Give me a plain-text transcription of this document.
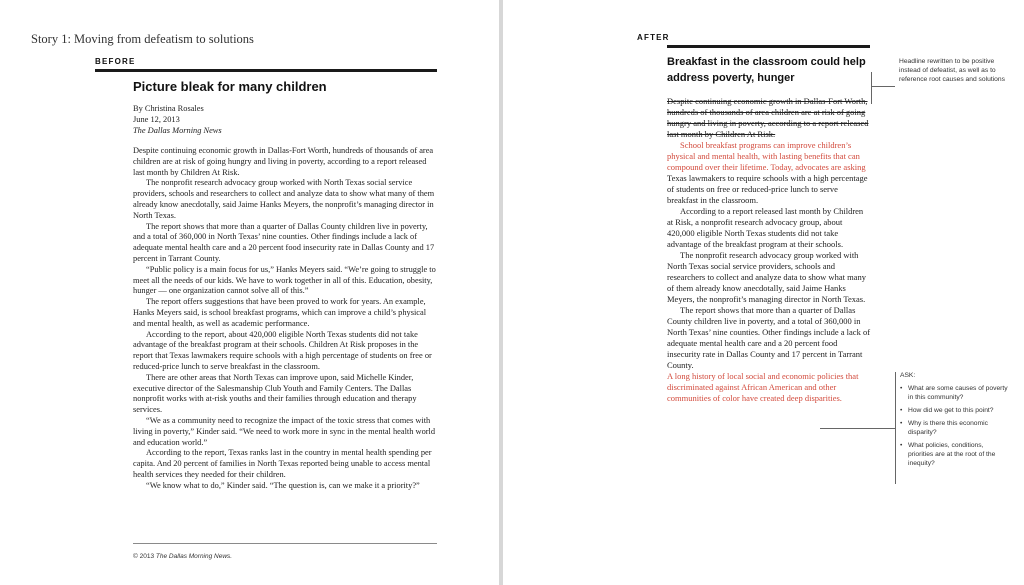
Story 1: Moving from defeatism to solutions
BEFORE
Picture bleak for many children
By Christina Rosales
June 12, 2013
The Dallas Morning News

Despite continuing economic growth in Dallas-Fort Worth, hundreds of thousands of area children are at risk of going hungry and living in poverty, according to a report released last month by Children At Risk.

The nonprofit research advocacy group worked with North Texas social service providers, schools and researchers to collect and analyze data to show what many of them already know anecdotally, said Jaime Hanks Meyers, the nonprofit’s managing director in North Texas.

The report shows that more than a quarter of Dallas County children live in poverty, and a total of 360,000 in North Texas’ nine counties. Other findings include a lack of adequate mental health care and a 20 percent food insecurity rate in Dallas County and 17 percent in Tarrant County.

“Public policy is a main focus for us,” Hanks Meyers said. “We’re going to struggle to meet all the needs of our kids. We have to work together in all of this. Education, obesity, hunger — one organization cannot solve all of this.”

The report offers suggestions that have been proved to work for years. An example, Hanks Meyers said, is school breakfast programs, which can improve a child’s physical and mental health, as well as academic performance.

According to the report, about 420,000 eligible North Texas students did not take advantage of the breakfast program at their schools. Children At Risk proposes in the report that Texas lawmakers require schools with a high percentage of students on free or reduced-price lunch to serve breakfast in the classroom.

There are other areas that North Texas can improve upon, said Michelle Kinder, executive director of the Salesmanship Club Youth and Family Centers. The Dallas nonprofit works with at-risk youths and their families through education and therapy services.

“We as a community need to recognize the impact of the toxic stress that comes with living in poverty,” Kinder said. “We need to work more in sync in the mental health world and education world.”

According to the report, Texas ranks last in the country in mental health spending per capita. And 20 percent of families in North Texas reported being unable to access mental health services they needed for their children.

“We know what to do,” Kinder said. “The question is, can we make it a priority?”

© 2013 The Dallas Morning News.
AFTER
Breakfast in the classroom could help address poverty, hunger

Despite continuing economic growth in Dallas-Fort Worth, hundreds of thousands of area children are at risk of going hungry and living in poverty, according to a report released last month by Children At Risk.

School breakfast programs can improve children’s physical and mental health, with lasting benefits that can compound over their lifetime. Today, advocates are asking Texas lawmakers to require schools with a high percentage of students on free or reduced-price lunch to serve breakfast in the classroom.

According to a report released last month by Children at Risk, a nonprofit research advocacy group, about 420,000 eligible North Texas students did not take advantage of the breakfast program at their schools.

The nonprofit research advocacy group worked with North Texas social service providers, schools and researchers to collect and analyze data to show what many of them already know anecdotally, said Jaime Hanks Meyers, the nonprofit’s managing director in North Texas.

The report shows that more than a quarter of Dallas County children live in poverty, and a total of 360,000 in North Texas’ nine counties. Other findings include a lack of adequate mental health care and a 20 percent food insecurity rate in Dallas County and 17 percent in Tarrant County.

A long history of local social and economic policies that discriminated against African American and other communities of color have created deep disparities.

Headline rewritten to be positive instead of defeatist, as well as to reference root causes and solutions
ASK:
• What are some causes of poverty in this community?
• How did we get to this point?
• Why is there this economic disparity?
• What policies, conditions, priorities are at the root of the inequity?
